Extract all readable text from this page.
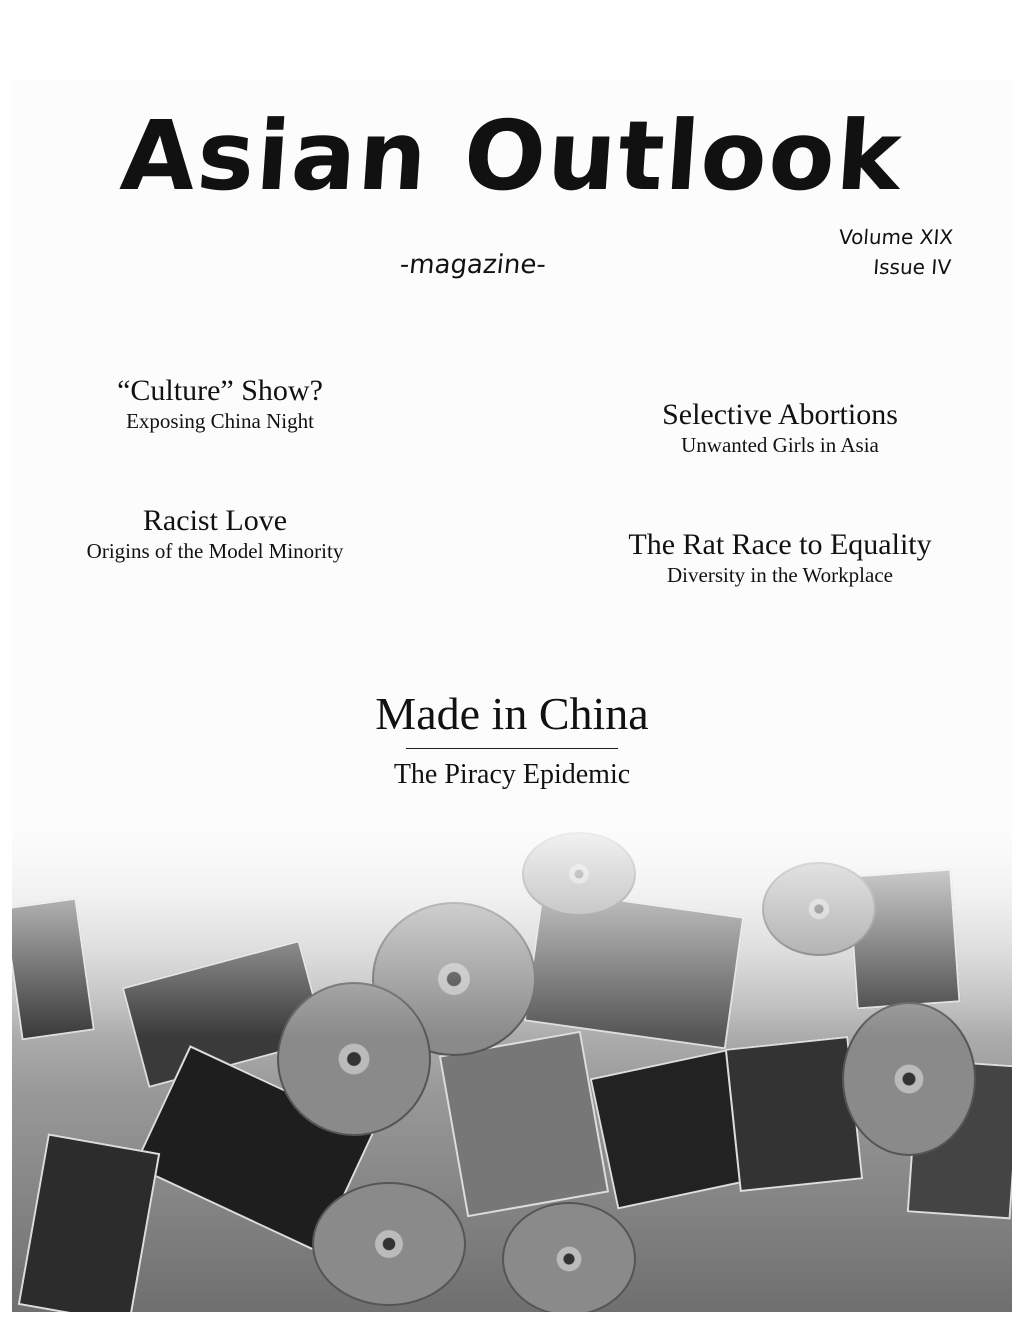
Asian Outlook
-magazine-
Volume XIX
Issue IV
“Culture” Show?
Exposing China Night	Selective Abortions
Unwanted Girls in Asia
Racist Love
Origins of the Model Minority	The Rat Race to Equality
Diversity in the Workplace
Made in China
The Piracy Epidemic
